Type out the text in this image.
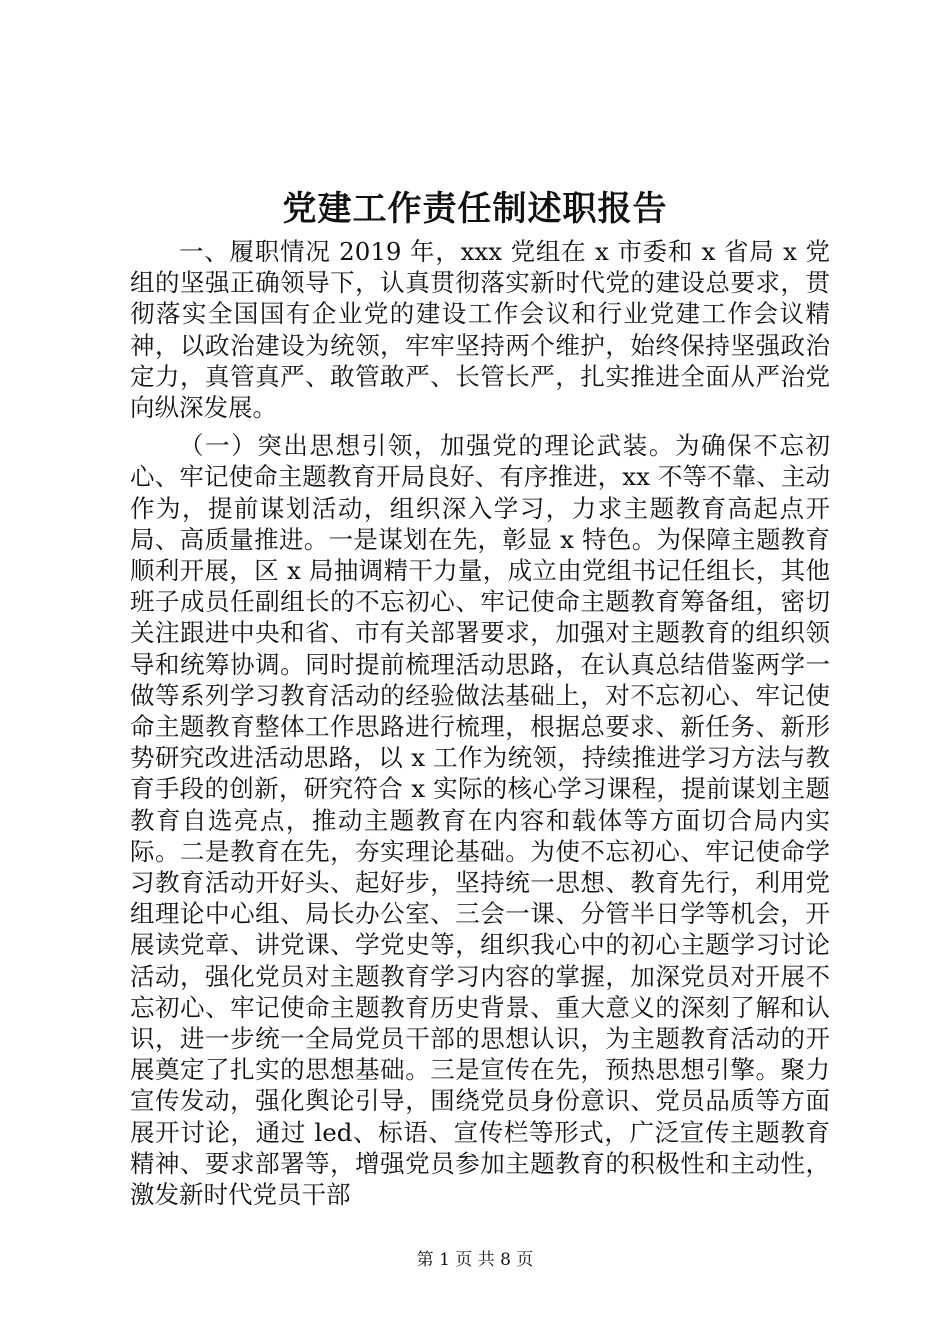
党建工作责任制述职报告

一、履职情况 2019 年，xxx 党组在 x 市委和 x 省局 x 党组的坚强正确领导下，认真贯彻落实新时代党的建设总要求，贯彻落实全国国有企业党的建设工作会议和行业党建工作会议精神，以政治建设为统领，牢牢坚持两个维护，始终保持坚强政治定力，真管真严、敢管敢严、长管长严，扎实推进全面从严治党向纵深发展。

（一）突出思想引领，加强党的理论武装。为确保不忘初心、牢记使命主题教育开局良好、有序推进，xx 不等不靠、主动作为，提前谋划活动，组织深入学习，力求主题教育高起点开局、高质量推进。一是谋划在先，彰显 x 特色。为保障主题教育顺利开展，区 x 局抽调精干力量，成立由党组书记任组长，其他班子成员任副组长的不忘初心、牢记使命主题教育筹备组，密切关注跟进中央和省、市有关部署要求，加强对主题教育的组织领导和统筹协调。同时提前梳理活动思路，在认真总结借鉴两学一做等系列学习教育活动的经验做法基础上，对不忘初心、牢记使命主题教育整体工作思路进行梳理，根据总要求、新任务、新形势研究改进活动思路，以 x 工作为统领，持续推进学习方法与教育手段的创新，研究符合 x 实际的核心学习课程，提前谋划主题教育自选亮点，推动主题教育在内容和载体等方面切合局内实际。二是教育在先，夯实理论基础。为使不忘初心、牢记使命学习教育活动开好头、起好步，坚持统一思想、教育先行，利用党组理论中心组、局长办公室、三会一课、分管半日学等机会，开展读党章、讲党课、学党史等，组织我心中的初心主题学习讨论活动，强化党员对主题教育学习内容的掌握，加深党员对开展不忘初心、牢记使命主题教育历史背景、重大意义的深刻了解和认识，进一步统一全局党员干部的思想认识，为主题教育活动的开展奠定了扎实的思想基础。三是宣传在先，预热思想引擎。聚力宣传发动，强化舆论引导，围绕党员身份意识、党员品质等方面展开讨论，通过 led、标语、宣传栏等形式，广泛宣传主题教育精神、要求部署等，增强党员参加主题教育的积极性和主动性，激发新时代党员干部

第 1 页 共 8 页
